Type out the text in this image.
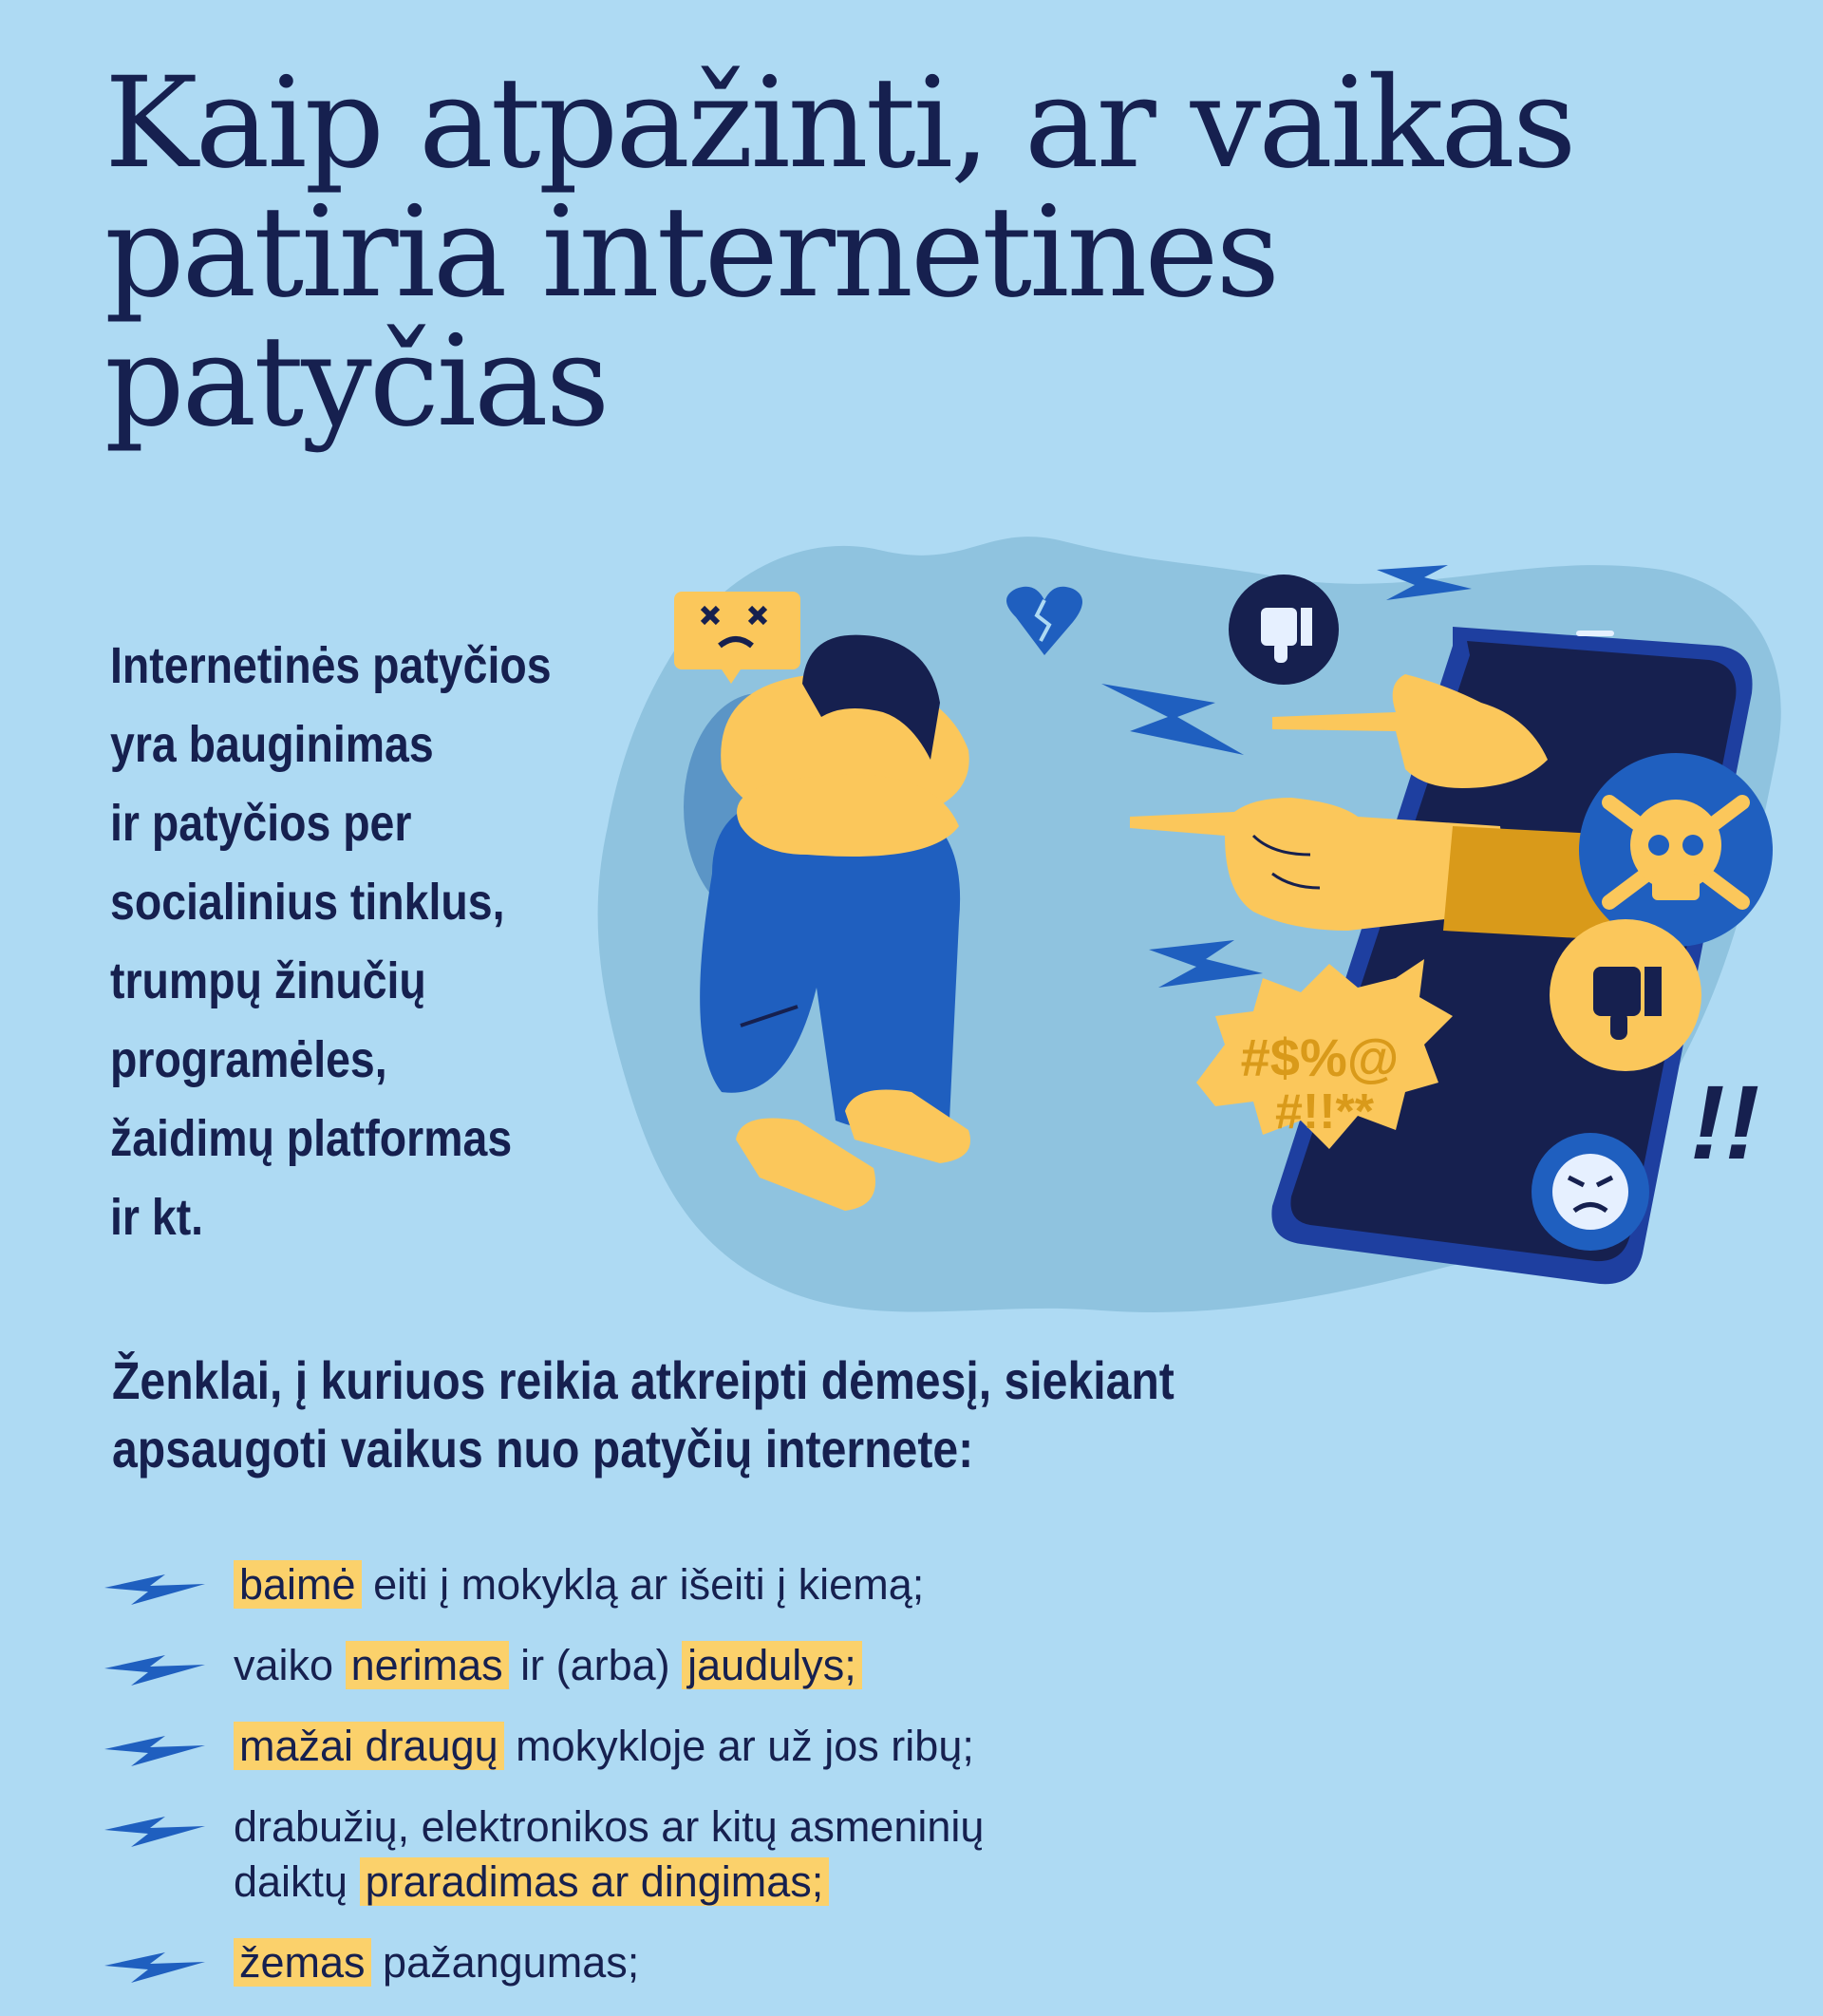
Kaip atpažinti, ar vaikas
patiria internetines
patyčias
Internetinės patyčios
yra bauginimas
ir patyčios per
socialinius tinklus,
trumpų žinučių
programėles,
žaidimų platformas
ir kt.
#$%@
#!!**	!!
Ženklai, į kuriuos reikia atkreipti dėmesį, siekiant
apsaugoti vaikus nuo patyčių internete:
baimė eiti į mokyklą ar išeiti į kiemą;
vaiko nerimas ir (arba) jaudulys;
mažai draugų mokykloje ar už jos ribų;
drabužių, elektronikos ar kitų asmeninių
daiktų praradimas ar dingimas;
žemas pažangumas;
